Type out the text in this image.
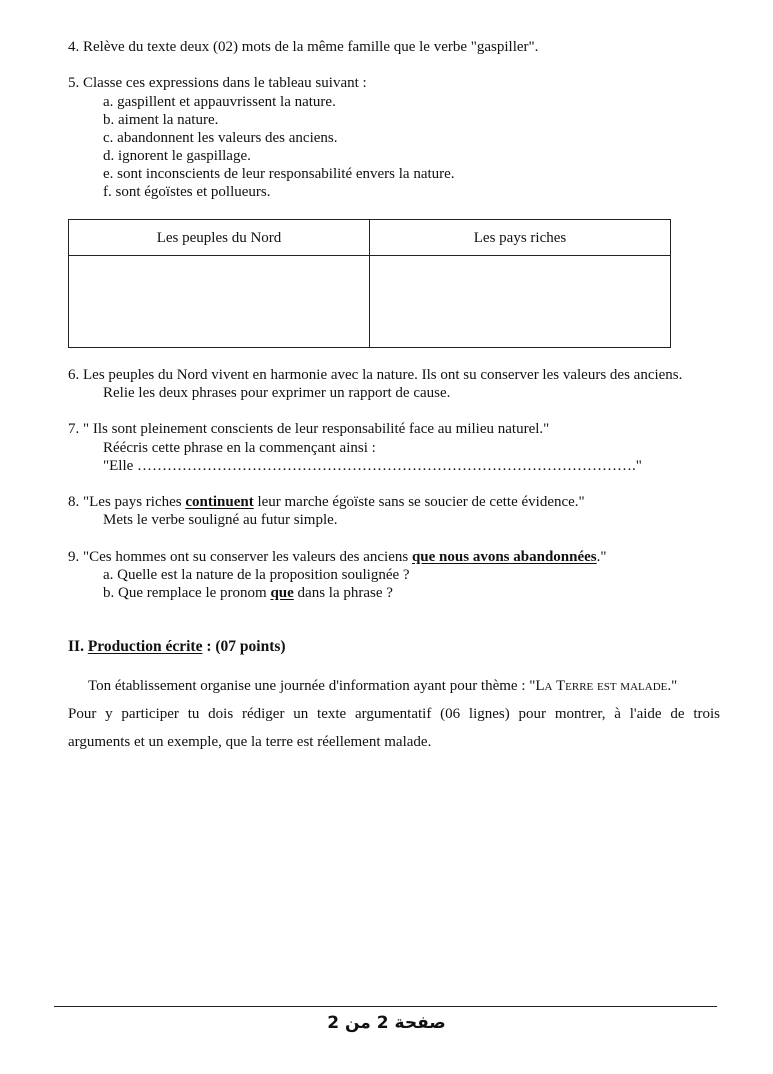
4. Relève du texte deux (02) mots de la même famille que le verbe "gaspiller".
5. Classe ces expressions dans le tableau suivant :
a. gaspillent et appauvrissent la nature.
b. aiment la nature.
c. abandonnent les valeurs des anciens.
d. ignorent le gaspillage.
e. sont inconscients de leur responsabilité envers la nature.
f. sont égoïstes et pollueurs.
Les peuples du Nord	Les pays riches

6. Les peuples du Nord vivent en harmonie avec la nature. Ils ont su conserver les valeurs des anciens.
Relie les deux phrases pour exprimer un rapport de cause.
7. " Ils sont pleinement conscients de leur responsabilité face au milieu naturel."
Réécris cette phrase en la commençant ainsi :
"Elle ………………………………………………………………………………………."
8. "Les pays riches continuent leur marche égoïste sans se soucier de cette évidence."
Mets le verbe souligné au futur simple.
9. "Ces hommes ont su conserver les valeurs des anciens que nous avons abandonnées."
a. Quelle est la nature de la proposition soulignée ?
b. Que remplace le pronom que dans la phrase ?
II. Production écrite : (07 points)
Ton établissement organise une journée d'information ayant pour thème : "La Terre est malade."
Pour y participer tu dois rédiger un texte argumentatif (06 lignes) pour montrer, à l'aide de trois
arguments et un exemple, que la terre est réellement malade.
صفحة 2 من 2
